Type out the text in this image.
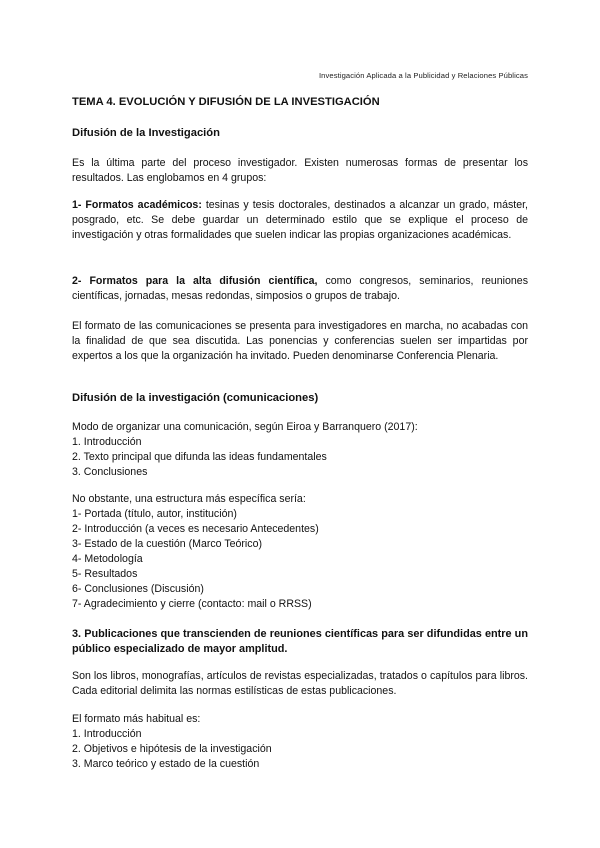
Investigación Aplicada a la Publicidad y Relaciones Públicas
TEMA 4. EVOLUCIÓN Y DIFUSIÓN DE LA INVESTIGACIÓN
Difusión de la Investigación
Es la última parte del proceso investigador. Existen numerosas formas de presentar los resultados. Las englobamos en 4 grupos:
1- Formatos académicos: tesinas y tesis doctorales, destinados a alcanzar un grado, máster, posgrado, etc. Se debe guardar un determinado estilo que se explique el proceso de investigación y otras formalidades que suelen indicar las propias organizaciones académicas.
2- Formatos para la alta difusión científica, como congresos, seminarios, reuniones científicas, jornadas, mesas redondas, simposios o grupos de trabajo.
El formato de las comunicaciones se presenta para investigadores en marcha, no acabadas con la finalidad de que sea discutida. Las ponencias y conferencias suelen ser impartidas por expertos a los que la organización ha invitado. Pueden denominarse Conferencia Plenaria.
Difusión de la investigación (comunicaciones)
Modo de organizar una comunicación, según Eiroa y Barranquero (2017):
1. Introducción
2. Texto principal que difunda las ideas fundamentales
3. Conclusiones
No obstante, una estructura más específica sería:
1- Portada (título, autor, institución)
2- Introducción (a veces es necesario Antecedentes)
3- Estado de la cuestión (Marco Teórico)
4- Metodología
5- Resultados
6- Conclusiones (Discusión)
7- Agradecimiento y cierre (contacto: mail o RRSS)
3. Publicaciones que transcienden de reuniones científicas para ser difundidas entre un público especializado de mayor amplitud.
Son los libros, monografías, artículos de revistas especializadas, tratados o capítulos para libros. Cada editorial delimita las normas estilísticas de estas publicaciones.
El formato más habitual es:
1. Introducción
2. Objetivos e hipótesis de la investigación
3. Marco teórico y estado de la cuestión
